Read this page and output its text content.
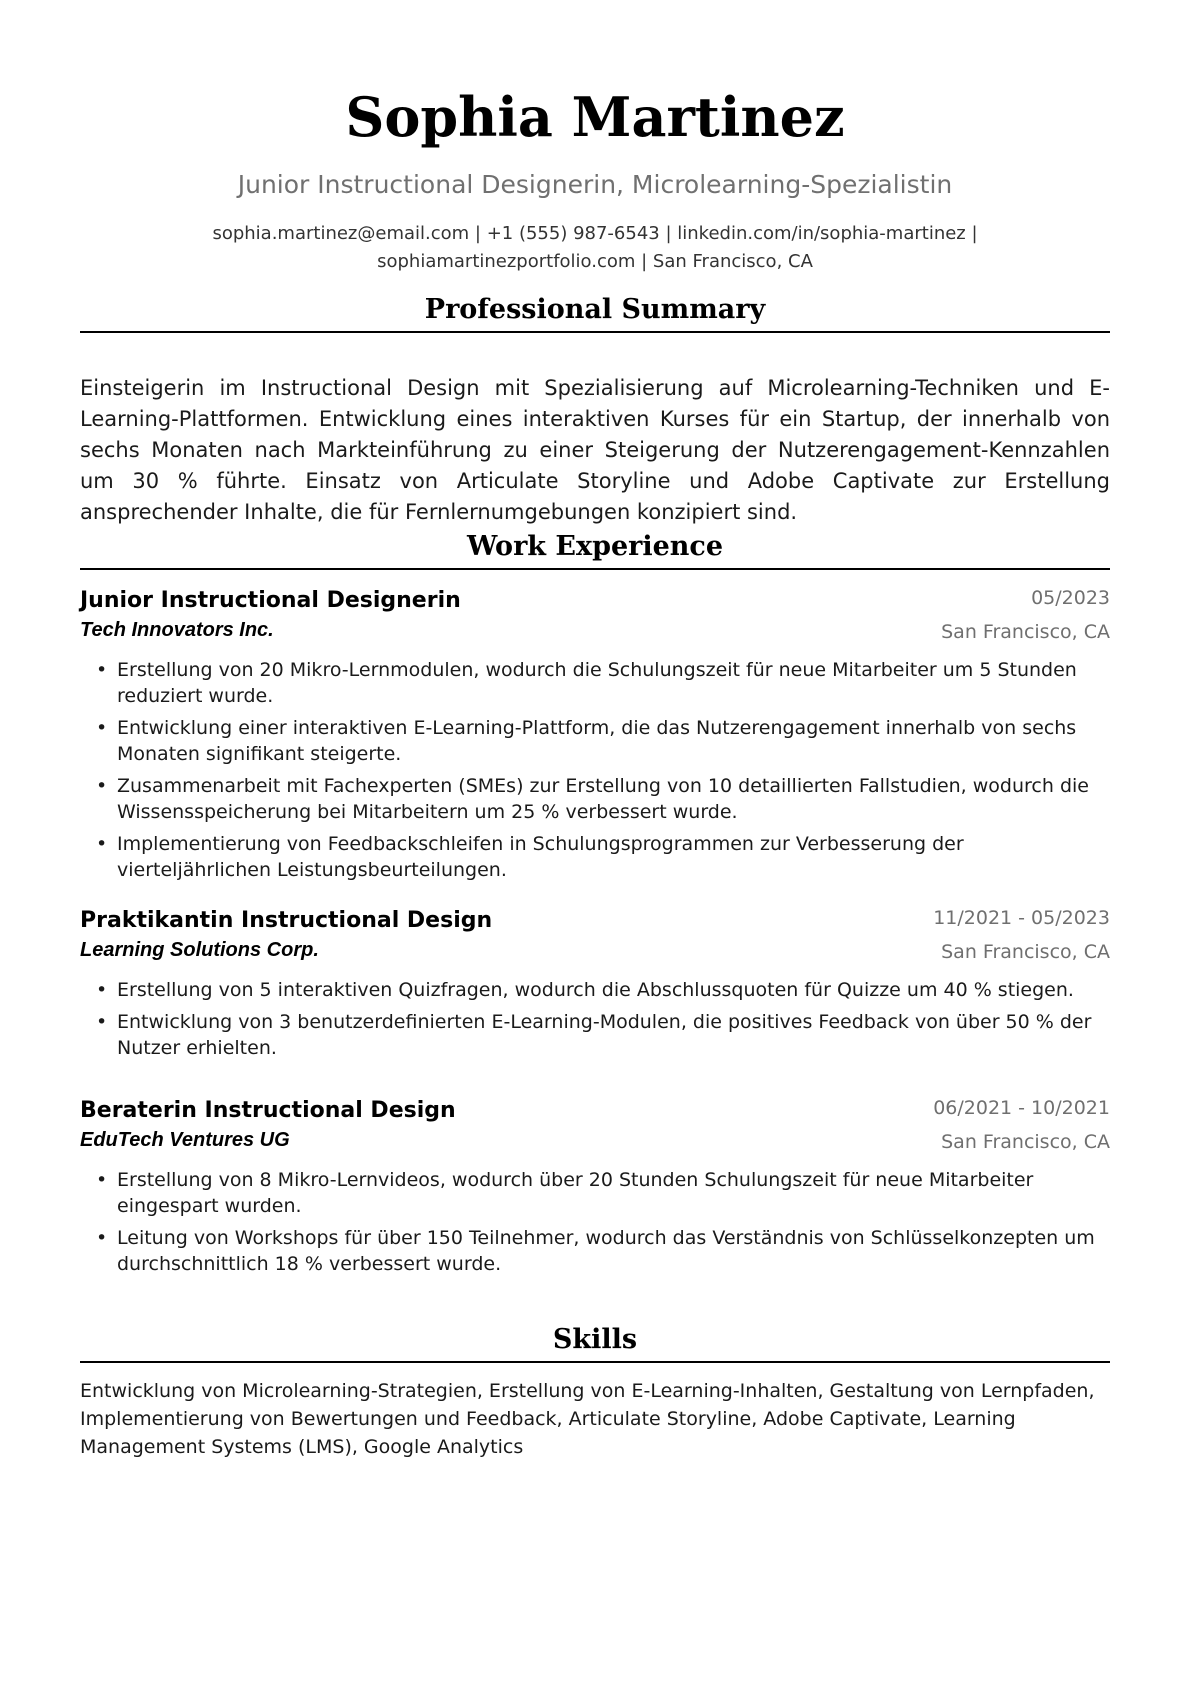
Sophia Martinez
Junior Instructional Designerin, Microlearning-Spezialistin
sophia.martinez@email.com | +1 (555) 987-6543 | linkedin.com/in/sophia-martinez |
sophiamartinezportfolio.com | San Francisco, CA
Professional Summary

Einsteigerin im Instructional Design mit Spezialisierung auf Microlearning-Techniken und E-Learning-Plattformen. Entwicklung eines interaktiven Kurses für ein Startup, der innerhalb von sechs Monaten nach Markteinführung zu einer Steigerung der Nutzerengagement-Kennzahlen um 30 % führte. Einsatz von Articulate Storyline und Adobe Captivate zur Erstellung ansprechender Inhalte, die für Fernlernumgebungen konzipiert sind.

Work Experience
Junior Instructional Designerin	05/2023
Tech Innovators Inc.	San Francisco, CA
• Erstellung von 20 Mikro-Lernmodulen, wodurch die Schulungszeit für neue Mitarbeiter um 5 Stunden reduziert wurde.
• Entwicklung einer interaktiven E-Learning-Plattform, die das Nutzerengagement innerhalb von sechs Monaten signifikant steigerte.
• Zusammenarbeit mit Fachexperten (SMEs) zur Erstellung von 10 detaillierten Fallstudien, wodurch die Wissensspeicherung bei Mitarbeitern um 25 % verbessert wurde.
• Implementierung von Feedbackschleifen in Schulungsprogrammen zur Verbesserung der vierteljährlichen Leistungsbeurteilungen.
Praktikantin Instructional Design	11/2021 - 05/2023
Learning Solutions Corp.	San Francisco, CA
• Erstellung von 5 interaktiven Quizfragen, wodurch die Abschlussquoten für Quizze um 40 % stiegen.
• Entwicklung von 3 benutzerdefinierten E-Learning-Modulen, die positives Feedback von über 50 % der Nutzer erhielten.
Beraterin Instructional Design	06/2021 - 10/2021
EduTech Ventures UG	San Francisco, CA
• Erstellung von 8 Mikro-Lernvideos, wodurch über 20 Stunden Schulungszeit für neue Mitarbeiter eingespart wurden.
• Leitung von Workshops für über 150 Teilnehmer, wodurch das Verständnis von Schlüsselkonzepten um durchschnittlich 18 % verbessert wurde.
Skills

Entwicklung von Microlearning-Strategien, Erstellung von E-Learning-Inhalten, Gestaltung von Lernpfaden, Implementierung von Bewertungen und Feedback, Articulate Storyline, Adobe Captivate, Learning Management Systems (LMS), Google Analytics
